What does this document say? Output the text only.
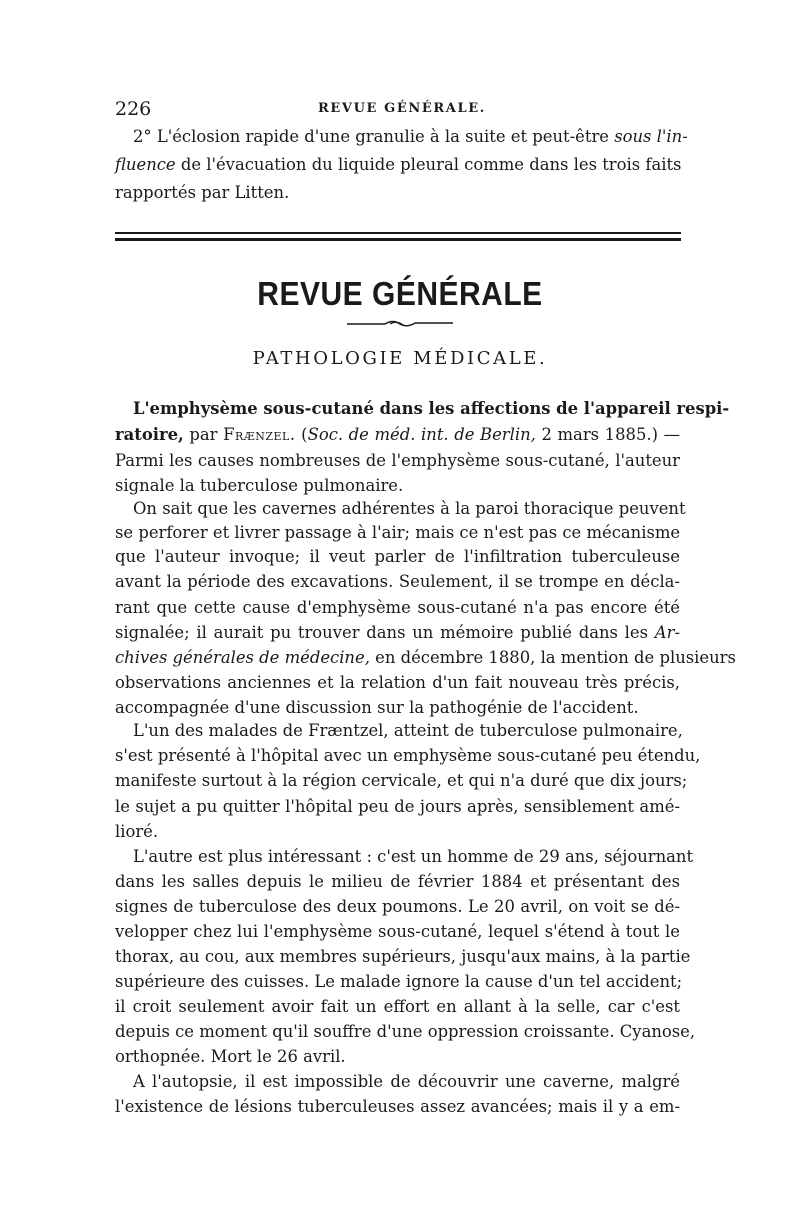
226	REVUE GÉNÉRALE.
2° L'éclosion rapide d'une granulie à la suite et peut-être sous l'in-
fluence de l'évacuation du liquide pleural comme dans les trois faits
rapportés par Litten.
REVUE GÉNÉRALE
PATHOLOGIE MÉDICALE.
L'emphysème sous-cutané dans les affections de l'appareil respi-
ratoire, par Frænzel. (Soc. de méd. int. de Berlin, 2 mars 1885.) —
Parmi les causes nombreuses de l'emphysème sous-cutané, l'auteur
signale la tuberculose pulmonaire.
On sait que les cavernes adhérentes à la paroi thoracique peuvent
se perforer et livrer passage à l'air; mais ce n'est pas ce mécanisme
que l'auteur invoque; il veut parler de l'infiltration tuberculeuse
avant la période des excavations. Seulement, il se trompe en décla-
rant que cette cause d'emphysème sous-cutané n'a pas encore été
signalée; il aurait pu trouver dans un mémoire publié dans les Ar-
chives générales de médecine, en décembre 1880, la mention de plusieurs
observations anciennes et la relation d'un fait nouveau très précis,
accompagnée d'une discussion sur la pathogénie de l'accident.
L'un des malades de Fræntzel, atteint de tuberculose pulmonaire,
s'est présenté à l'hôpital avec un emphysème sous-cutané peu étendu,
manifeste surtout à la région cervicale, et qui n'a duré que dix jours;
le sujet a pu quitter l'hôpital peu de jours après, sensiblement amé-
lioré.
L'autre est plus intéressant : c'est un homme de 29 ans, séjournant
dans les salles depuis le milieu de février 1884 et présentant des
signes de tuberculose des deux poumons. Le 20 avril, on voit se dé-
velopper chez lui l'emphysème sous-cutané, lequel s'étend à tout le
thorax, au cou, aux membres supérieurs, jusqu'aux mains, à la partie
supérieure des cuisses. Le malade ignore la cause d'un tel accident;
il croit seulement avoir fait un effort en allant à la selle, car c'est
depuis ce moment qu'il souffre d'une oppression croissante. Cyanose,
orthopnée. Mort le 26 avril.
A l'autopsie, il est impossible de découvrir une caverne, malgré
l'existence de lésions tuberculeuses assez avancées; mais il y a em-
